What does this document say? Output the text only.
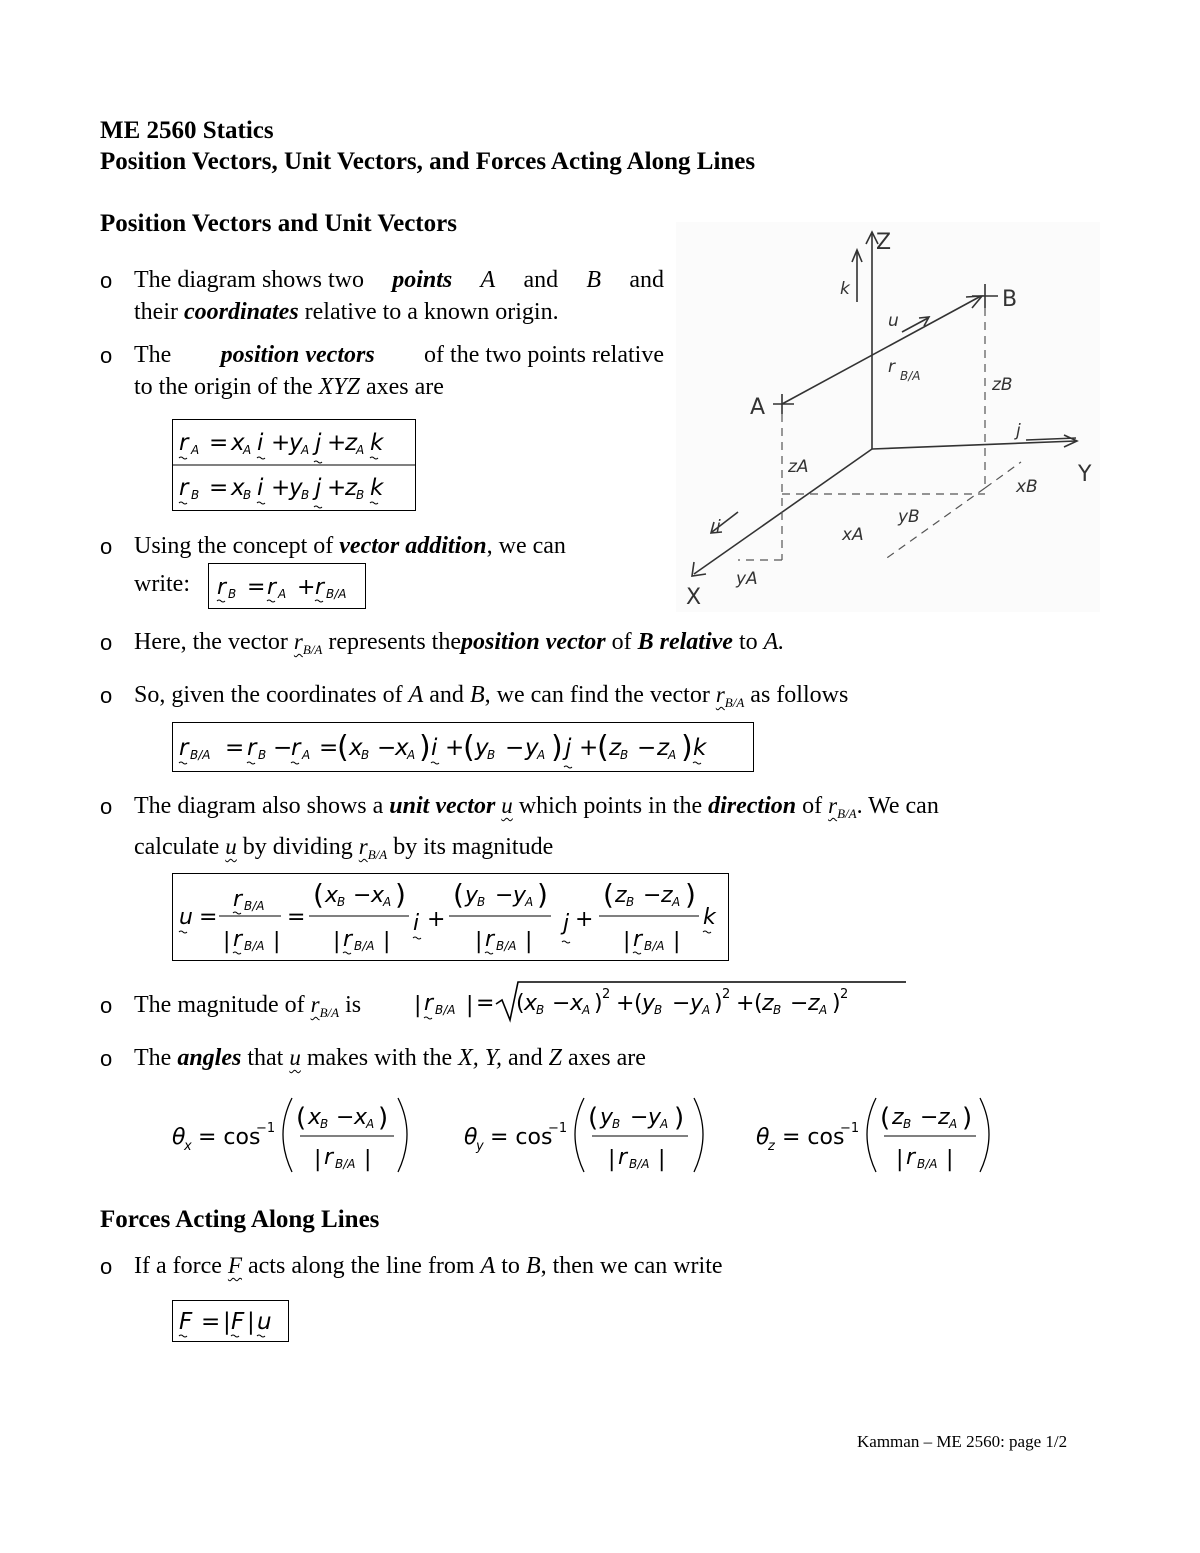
ME 2560 Statics
Position Vectors, Unit Vectors, and Forces Acting Along Lines
Position Vectors and Unit Vectors
o The diagram shows two points A and B and
their coordinates relative to a known origin.
o The position vectors of the two points relative
to the origin of the XYZ axes are
r A = x
A i +
y
A j +
z
A k
r B = x
B i +
y
B j +
z
B k
o Using the concept of vector addition, we can
write: r B = r A + r B/A
Z
Y
X
B
A
k
u
r B/A	zB
zA
j
xB
xA
yB
yA
i
o Here, the vector $r_{B/A}$ represents theposition vector of B relative to A.
o So, given the coordinates of A and B, we can find the vector $r_{B/A}$ as follows
r B/A = r B −
r A =
( x
B −
x
A ) i +
( y
B − y
A ) j +
( z
B − z
A ) k
o The diagram also shows a unit vector u which points in the direction of $r_{B/A}$. We can
calculate u by dividing $r_{B/A}$ by its magnitude
u =
r B/A
| r B/A |
=
( x
B − x
A )
| r B/A |
i +
( y
B − y
A )
| r B/A |
j +
( z B − z A )
| r B/A |
k
o The magnitude of $r_{B/A}$ is | r B/A | = ( x
B − x
A ) 2 + ( y
B − y
A ) 2 + ( z B − z A ) 2
o The angles that u makes with the X, Y, and Z axes are
θ
x = cos
−1 ( x
B − x
A )
| r B/A |
θ
y = cos
−1 ( y
B − y
A )
| r B/A |
θ
z = cos
−1 ( z B − z A )
| r B/A |
Forces Acting Along Lines
o If a force F acts along the line from A to B, then we can write
F = | F | u
Kamman – ME 2560: page 1/2
